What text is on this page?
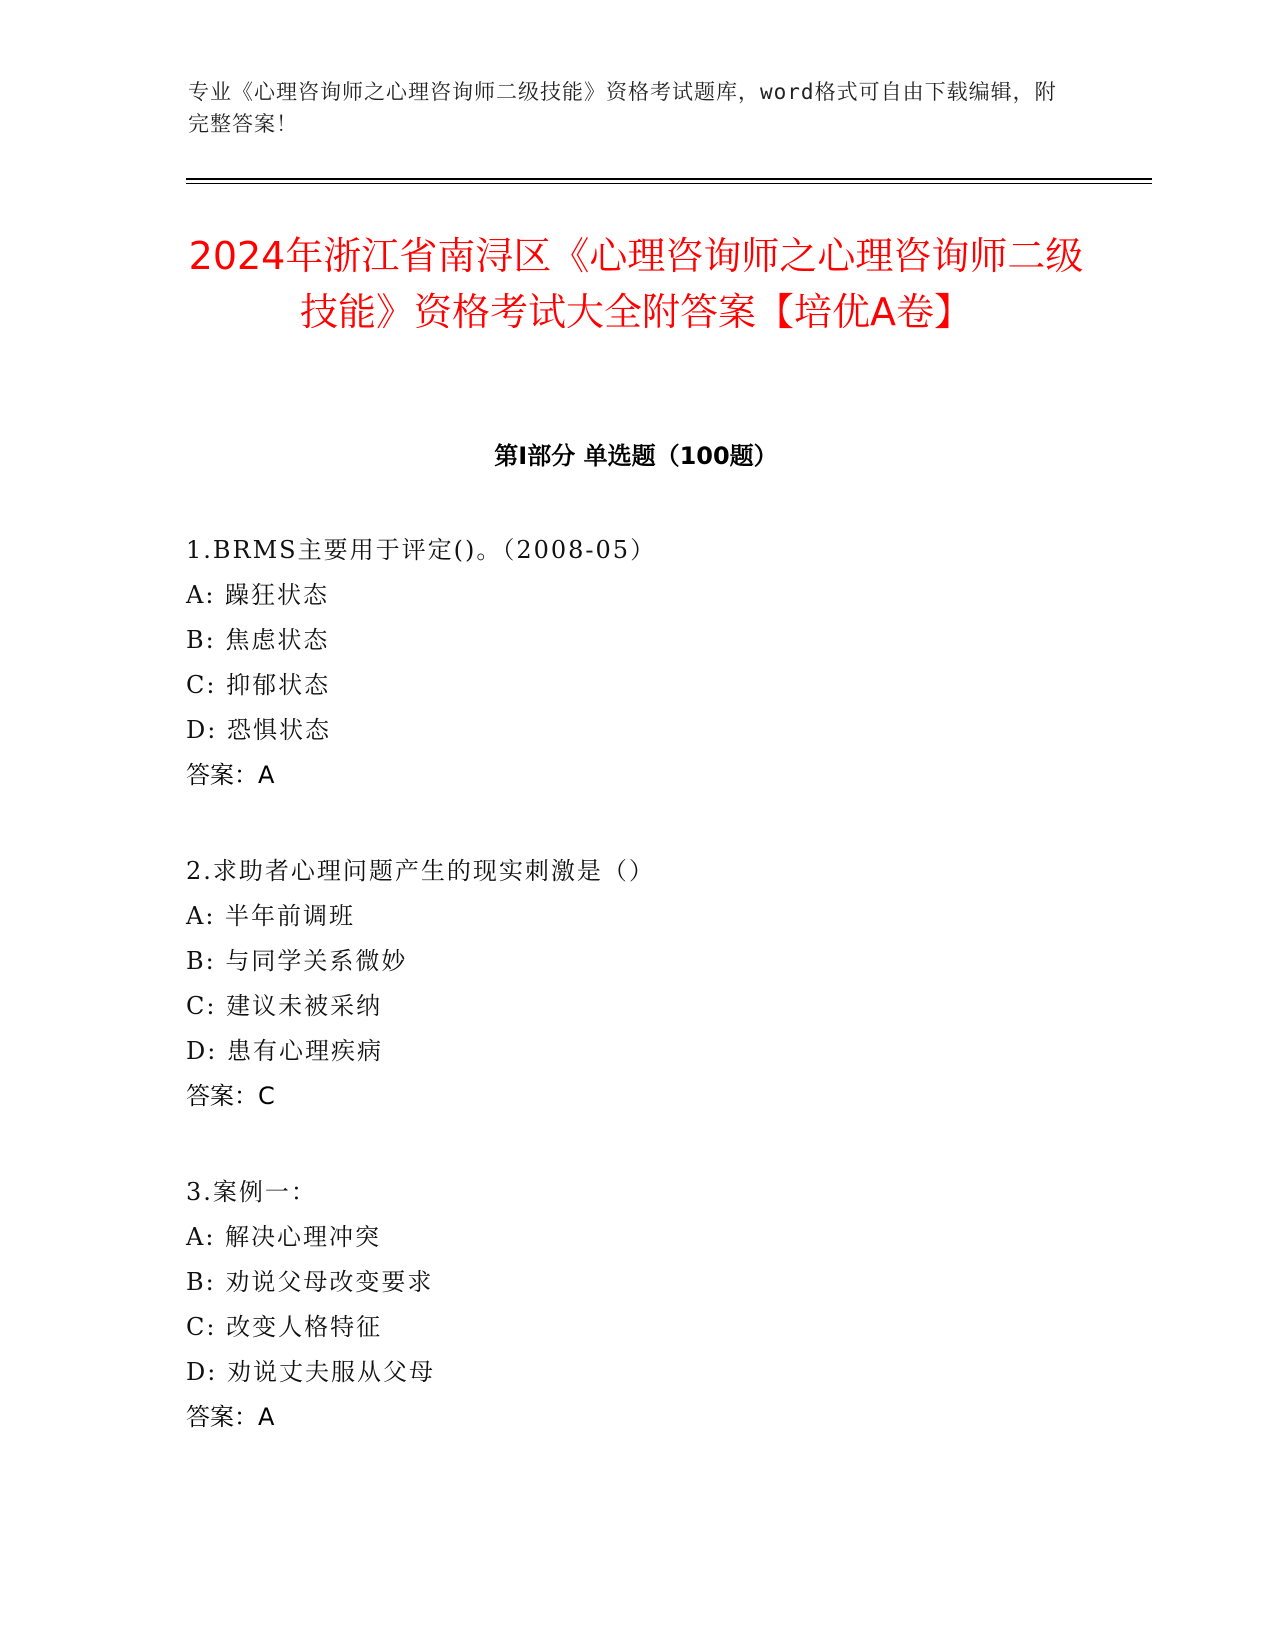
专业《心理咨询师之心理咨询师二级技能》资格考试题库，word格式可自由下载编辑，附完整答案！
2024年浙江省南浔区《心理咨询师之心理咨询师二级技能》资格考试大全附答案【培优A卷】
第I部分 单选题（100题）
1.BRMS主要用于评定()。（2008-05）
A: 躁狂状态
B: 焦虑状态
C: 抑郁状态
D: 恐惧状态
答案：A
2.求助者心理问题产生的现实刺激是（）
A: 半年前调班
B: 与同学关系微妙
C: 建议未被采纳
D: 患有心理疾病
答案：C
3.案例一：
A: 解决心理冲突
B: 劝说父母改变要求
C: 改变人格特征
D: 劝说丈夫服从父母
答案：A
